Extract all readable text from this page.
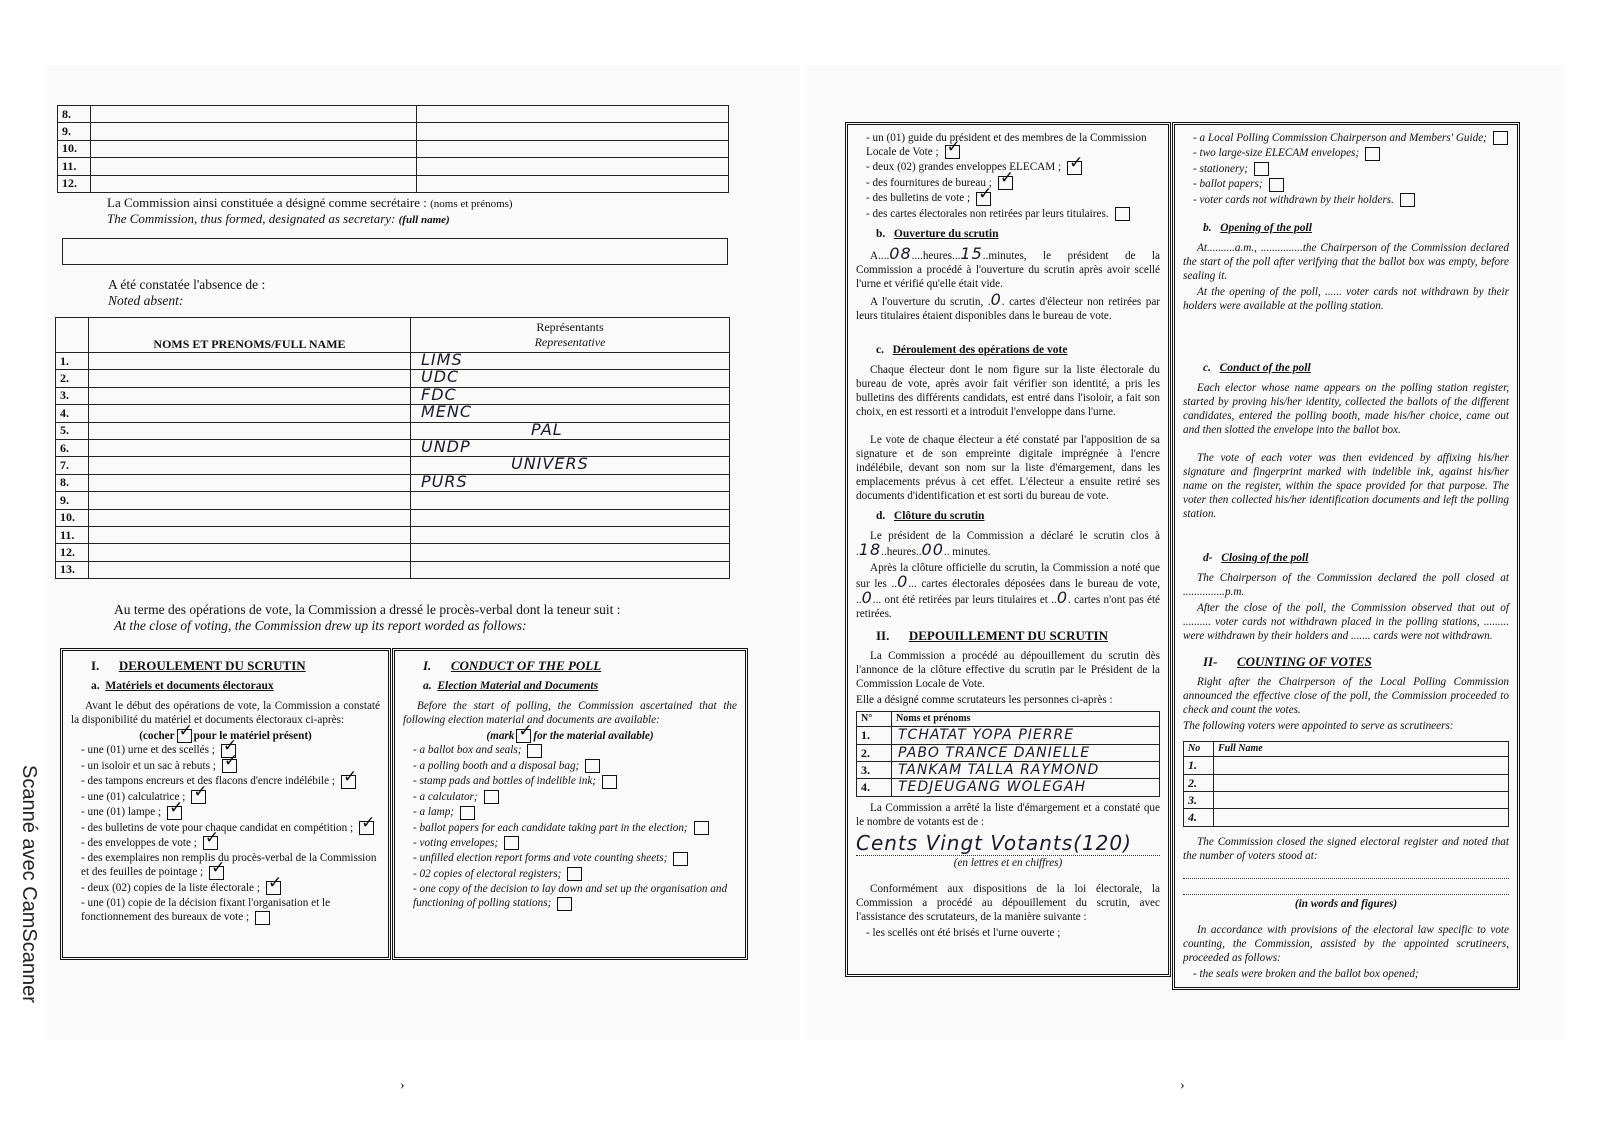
Scanné avec CamScanner
8.		
9.		
10.		
11.		
12.		
La Commission ainsi constituée a désigné comme secrétaire : (noms et prénoms)
The Commission, thus formed, designated as secretary: (full name)
A été constatée l'absence de :
Noted absent:
	NOMS ET PRENOMS/FULL NAME	Représentants
Representative
1.		LIMS

2.		UDC

3.		FDC

4.		MENC

5.		PAL

6.		UNDP

7.		UNIVERS

8.		PURS

9.		

10.		

11.		

12.		

13.		
Au terme des opérations de vote, la Commission a dressé le procès-verbal dont la teneur suit :
At the close of voting, the Commission drew up its report worded as follows:
I. DEROULEMENT DU SCRUTIN
a. Matériels et documents électoraux

Avant le début des opérations de vote, la Commission a constaté la disponibilité du matériel et documents électoraux ci-après:

(cocher ✓ pour le matériel présent)
- une (01) urne et des scellés ;✓
- un isoloir et un sac à rebuts ;✓
- des tampons encreurs et des flacons d'encre indélébile ;✓
- une (01) calculatrice ;✓
- une (01) lampe ;✓
- des bulletins de vote pour chaque candidat en compétition ;✓
- des enveloppes de vote ;✓
- des exemplaires non remplis du procès-verbal de la Commission et des feuilles de pointage ;✓
- deux (02) copies de la liste électorale ;✓
- une (01) copie de la décision fixant l'organisation et le fonctionnement des bureaux de vote ;
I. CONDUCT OF THE POLL
a. Election Material and Documents

Before the start of polling, the Commission ascertained that the following election material and documents are available:

(mark ✓ for the material available)
- a ballot box and seals;
- a polling booth and a disposal bag;
- stamp pads and bottles of indelible ink;
- a calculator;
- a lamp;
- ballot papers for each candidate taking part in the election;
- voting envelopes;
- unfilled election report forms and vote counting sheets;
- 02 copies of electoral registers;
- one copy of the decision to lay down and set up the organisation and functioning of polling stations;
›
- un (01) guide du président et des membres de la Commission Locale de Vote ;✓
- deux (02) grandes enveloppes ELECAM ;✓
- des fournitures de bureau ;✓
- des bulletins de vote ;✓
- des cartes électorales non retirées par leurs titulaires.
b. Ouverture du scrutin

A....08....heures...15..minutes, le président de la Commission a procédé à l'ouverture du scrutin après avoir scellé l'urne et vérifié qu'elle était vide.

A l'ouverture du scrutin, .0. cartes d'électeur non retirées par leurs titulaires étaient disponibles dans le bureau de vote.

c. Déroulement des opérations de vote

Chaque électeur dont le nom figure sur la liste électorale du bureau de vote, après avoir fait vérifier son identité, a pris les bulletins des différents candidats, est entré dans l'isoloir, a fait son choix, en est ressorti et a introduit l'enveloppe dans l'urne.

Le vote de chaque électeur a été constaté par l'apposition de sa signature et de son empreinte digitale imprégnée à l'encre indélébile, devant son nom sur la liste d'émargement, dans les emplacements prévus à cet effet. L'électeur a ensuite retiré ses documents d'identification et est sorti du bureau de vote.

d. Clôture du scrutin

Le président de la Commission a déclaré le scrutin clos à .18..heures..00.. minutes.

Après la clôture officielle du scrutin, la Commission a noté que sur les ..0... cartes électorales déposées dans le bureau de vote, ..0... ont été retirées par leurs titulaires et ..0. cartes n'ont pas été retirées.

II. DEPOUILLEMENT DU SCRUTIN

La Commission a procédé au dépouillement du scrutin dès l'annonce de la clôture effective du scrutin par le Président de la Commission Locale de Vote.

Elle a désigné comme scrutateurs les personnes ci-après :
N°	Noms et prénoms
1.	TCHATAT YOPA PIERRE
2.	PABO TRANCE DANIELLE
3.	TANKAM TALLA RAYMOND
4.	TEDJEUGANG WOLEGAH

La Commission a arrêté la liste d'émargement et a constaté que le nombre de votants est de :

Cents Vingt Votants(120)
(en lettres et en chiffres)

Conformément aux dispositions de la loi électorale, la Commission a procédé au dépouillement du scrutin, avec l'assistance des scrutateurs, de la manière suivante :

- les scellés ont été brisés et l'urne ouverte ;
- a Local Polling Commission Chairperson and Members' Guide;
- two large-size ELECAM envelopes;
- stationery;
- ballot papers;
- voter cards not withdrawn by their holders.
b. Opening of the poll

At..........a.m., ...............the Chairperson of the Commission declared the start of the poll after verifying that the ballot box was empty, before sealing it.

At the opening of the poll, ...... voter cards not withdrawn by their holders were available at the polling station.

c. Conduct of the poll

Each elector whose name appears on the polling station register, started by proving his/her identity, collected the ballots of the different candidates, entered the polling booth, made his/her choice, came out and then slotted the envelope into the ballot box.

The vote of each voter was then evidenced by affixing his/her signature and fingerprint marked with indelible ink, against his/her name on the register, within the space provided for that purpose. The voter then collected his/her identification documents and left the polling station.

d- Closing of the poll

The Chairperson of the Commission declared the poll closed at ...............p.m.

After the close of the poll, the Commission observed that out of .......... voter cards not withdrawn placed in the polling stations, ......... were withdrawn by their holders and ....... cards were not withdrawn.

II- COUNTING OF VOTES

Right after the Chairperson of the Local Polling Commission announced the effective close of the poll, the Commission proceeded to check and count the votes.

The following voters were appointed to serve as scrutineers:
No	Full Name
1.	
2.	
3.	
4.	

The Commission closed the signed electoral register and noted that the number of voters stood at:

(in words and figures)

In accordance with provisions of the electoral law specific to vote counting, the Commission, assisted by the appointed scrutineers, proceeded as follows:

- the seals were broken and the ballot box opened;
›
